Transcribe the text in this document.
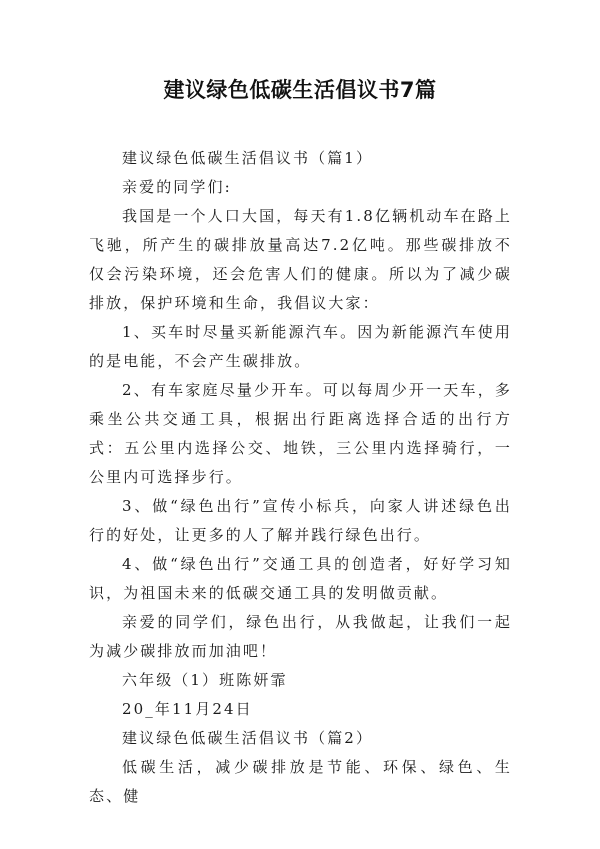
建议绿色低碳生活倡议书7篇

建议绿色低碳生活倡议书（篇1）

亲爱的同学们:

我国是一个人口大国，每天有1.8亿辆机动车在路上飞驰，所产生的碳排放量高达7.2亿吨。那些碳排放不仅会污染环境，还会危害人们的健康。所以为了减少碳排放，保护环境和生命，我倡议大家：

1、买车时尽量买新能源汽车。因为新能源汽车使用的是电能，不会产生碳排放。

2、有车家庭尽量少开车。可以每周少开一天车，多乘坐公共交通工具，根据出行距离选择合适的出行方式：五公里内选择公交、地铁，三公里内选择骑行，一公里内可选择步行。

3、做“绿色出行”宣传小标兵，向家人讲述绿色出行的好处，让更多的人了解并践行绿色出行。

4、做“绿色出行”交通工具的创造者，好好学习知识，为祖国未来的低碳交通工具的发明做贡献。

亲爱的同学们，绿色出行，从我做起，让我们一起为减少碳排放而加油吧！

六年级（1）班陈妍霏

20_年11月24日

建议绿色低碳生活倡议书（篇2）

低碳生活，减少碳排放是节能、环保、绿色、生态、健
